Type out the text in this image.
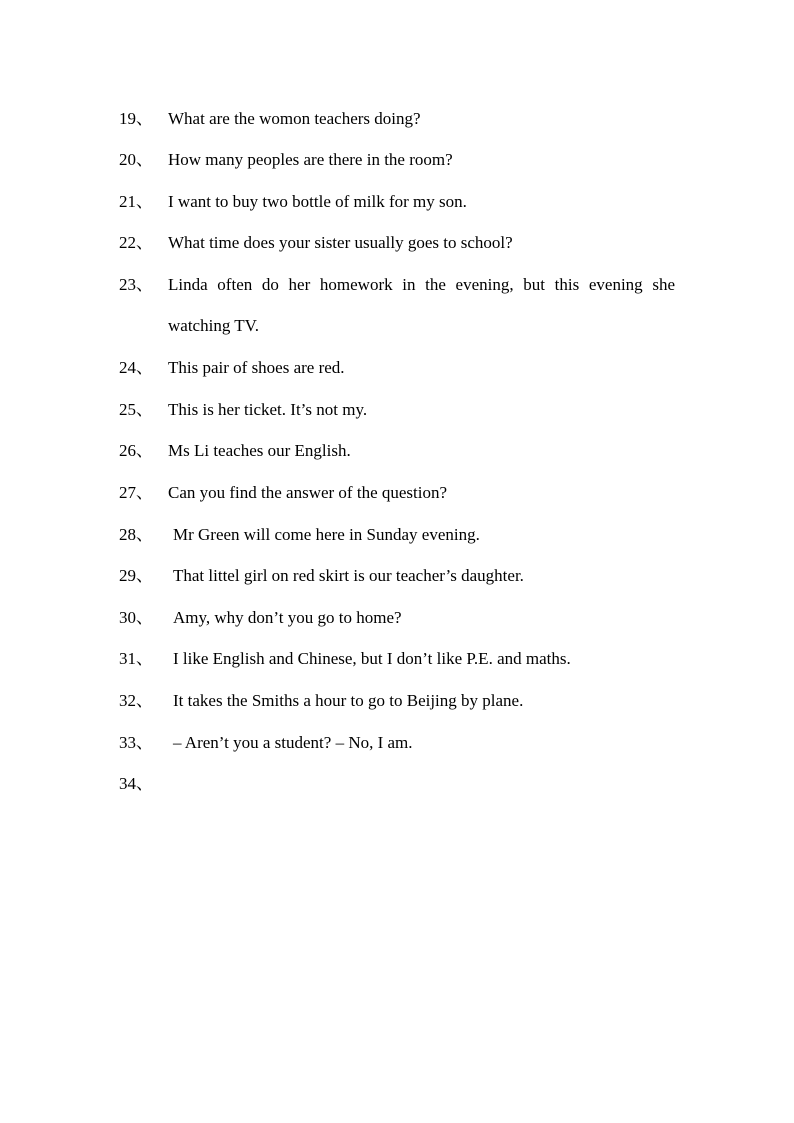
19、 What are the womon teachers doing?
20、 How many peoples are there in the room?
21、 I want to buy two bottle of milk for my son.
22、 What time does your sister usually goes to school?
23、 Linda often do her homework in the evening, but this evening she
watching TV.
24、 This pair of shoes are red.
25、 This is her ticket. It’s not my.
26、 Ms Li teaches our English.
27、 Can you find the answer of the question?
28、 Mr Green will come here in Sunday evening.
29、 That littel girl on red skirt is our teacher’s daughter.
30、 Amy, why don’t you go to home?
31、 I like English and Chinese, but I don’t like P.E. and maths.
32、 It takes the Smiths a hour to go to Beijing by plane.
33、 – Aren’t you a student? – No, I am.
34、
